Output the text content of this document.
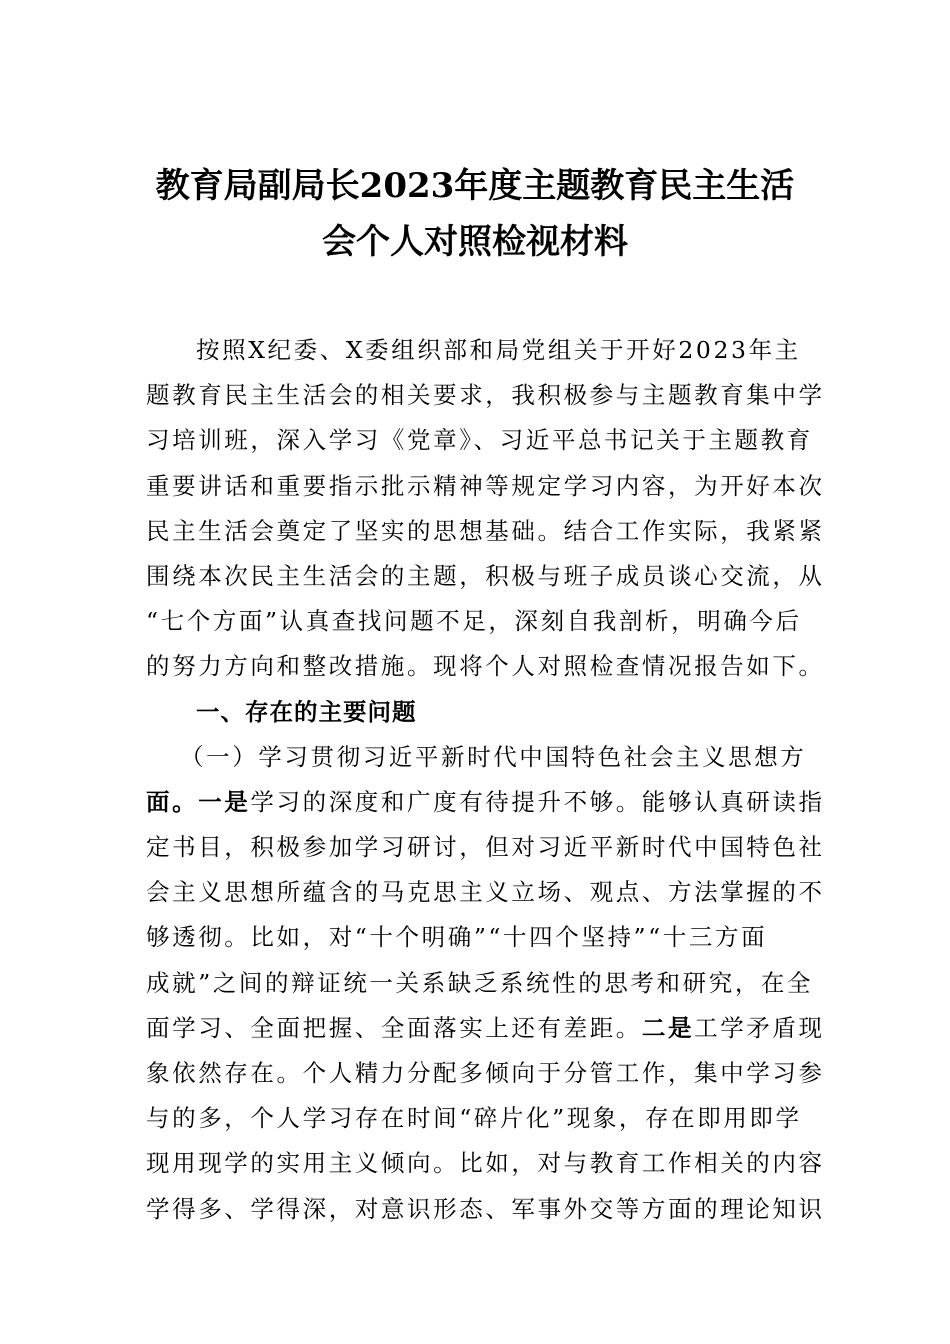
教育局副局长2023年度主题教育民主生活
会个人对照检视材料
按照X纪委、X委组织部和局党组关于开好2023年主
题教育民主生活会的相关要求，我积极参与主题教育集中学
习培训班，深入学习《党章》、习近平总书记关于主题教育
重要讲话和重要指示批示精神等规定学习内容，为开好本次
民主生活会奠定了坚实的思想基础。结合工作实际，我紧紧
围绕本次民主生活会的主题，积极与班子成员谈心交流，从
“七个方面”认真查找问题不足，深刻自我剖析，明确今后
的努力方向和整改措施。现将个人对照检查情况报告如下。
一、存在的主要问题
（一）学习贯彻习近平新时代中国特色社会主义思想方
面。一是学习的深度和广度有待提升不够。能够认真研读指
定书目，积极参加学习研讨，但对习近平新时代中国特色社
会主义思想所蕴含的马克思主义立场、观点、方法掌握的不
够透彻。比如，对“十个明确”“十四个坚持”“十三方面
成就”之间的辩证统一关系缺乏系统性的思考和研究，在全
面学习、全面把握、全面落实上还有差距。二是工学矛盾现
象依然存在。个人精力分配多倾向于分管工作，集中学习参
与的多，个人学习存在时间“碎片化”现象，存在即用即学
现用现学的实用主义倾向。比如，对与教育工作相关的内容
学得多、学得深，对意识形态、军事外交等方面的理论知识
